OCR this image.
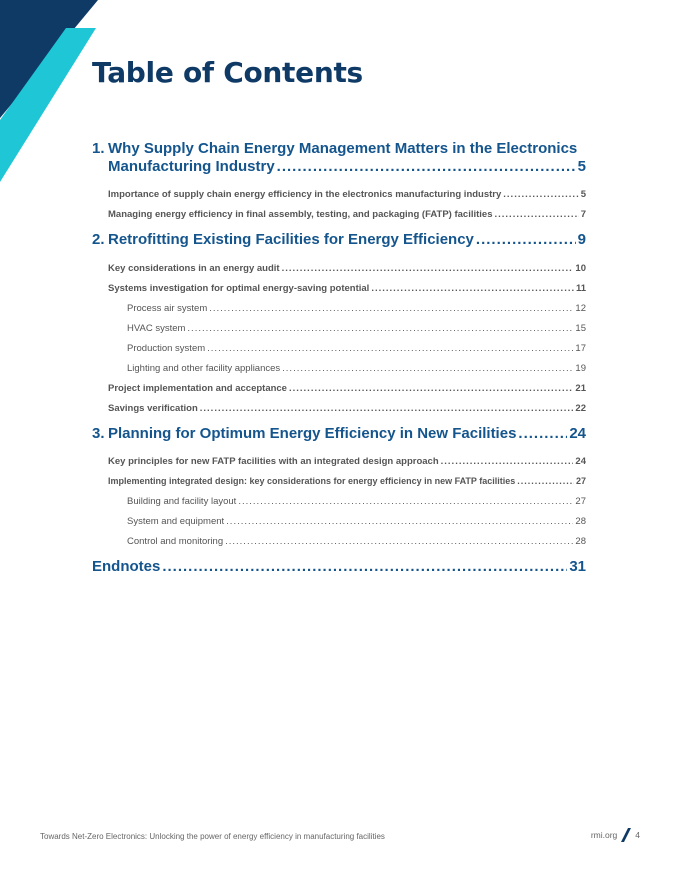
Table of Contents
1. Why Supply Chain Energy Management Matters in the Electronics
Manufacturing Industry .....	5
Importance of supply chain energy efficiency in the electronics manufacturing industry .....	5
Managing energy efficiency in final assembly, testing, and packaging (FATP) facilities .....	7
2. Retrofitting Existing Facilities for Energy Efficiency .....	9
Key considerations in an energy audit .....	10
Systems investigation for optimal energy-saving potential .....	11
Process air system .....	12
HVAC system .....	15
Production system .....	17
Lighting and other facility appliances .....	19
Project implementation and acceptance .....	21
Savings verification .....	22
3. Planning for Optimum Energy Efficiency in New Facilities .....	24
Key principles for new FATP facilities with an integrated design approach .....	24
Implementing integrated design: key considerations for energy efficiency in new FATP facilities .....	27
Building and facility layout .....	27
System and equipment .....	28
Control and monitoring .....	28
Endnotes .....	31
Towards Net-Zero Electronics: Unlocking the power of energy efficiency in manufacturing facilities	rmi.org 4
